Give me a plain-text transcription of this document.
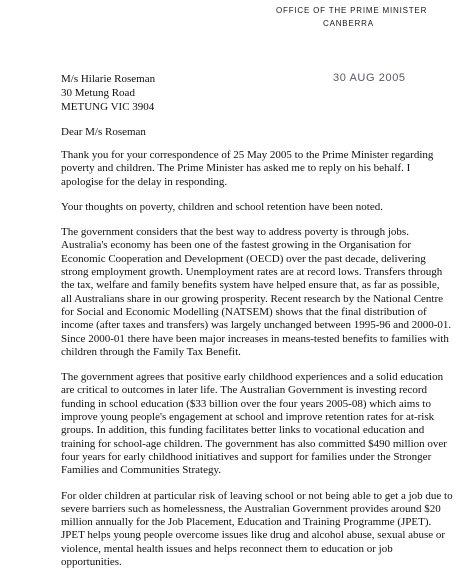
OFFICE OF THE PRIME MINISTER
CANBERRA
30 AUG 2005
M/s Hilarie Roseman
30 Metung Road
METUNG VIC 3904
Dear M/s Roseman

Thank you for your correspondence of 25 May 2005 to the Prime Minister regarding poverty and children. The Prime Minister has asked me to reply on his behalf. I apologise for the delay in responding.

Your thoughts on poverty, children and school retention have been noted.

The government considers that the best way to address poverty is through jobs. Australia's economy has been one of the fastest growing in the Organisation for Economic Cooperation and Development (OECD) over the past decade, delivering strong employment growth. Unemployment rates are at record lows. Transfers through the tax, welfare and family benefits system have helped ensure that, as far as possible, all Australians share in our growing prosperity. Recent research by the National Centre for Social and Economic Modelling (NATSEM) shows that the final distribution of income (after taxes and transfers) was largely unchanged between 1995-96 and 2000-01. Since 2000-01 there have been major increases in means-tested benefits to families with children through the Family Tax Benefit.

The government agrees that positive early childhood experiences and a solid education are critical to outcomes in later life. The Australian Government is investing record funding in school education ($33 billion over the four years 2005-08) which aims to improve young people's engagement at school and improve retention rates for at-risk groups. In addition, this funding facilitates better links to vocational education and training for school-age children. The government has also committed $490 million over four years for early childhood initiatives and support for families under the Stronger Families and Communities Strategy.

For older children at particular risk of leaving school or not being able to get a job due to severe barriers such as homelessness, the Australian Government provides around $20 million annually for the Job Placement, Education and Training Programme (JPET). JPET helps young people overcome issues like drug and alcohol abuse, sexual abuse or violence, mental health issues and helps reconnect them to education or job opportunities.
